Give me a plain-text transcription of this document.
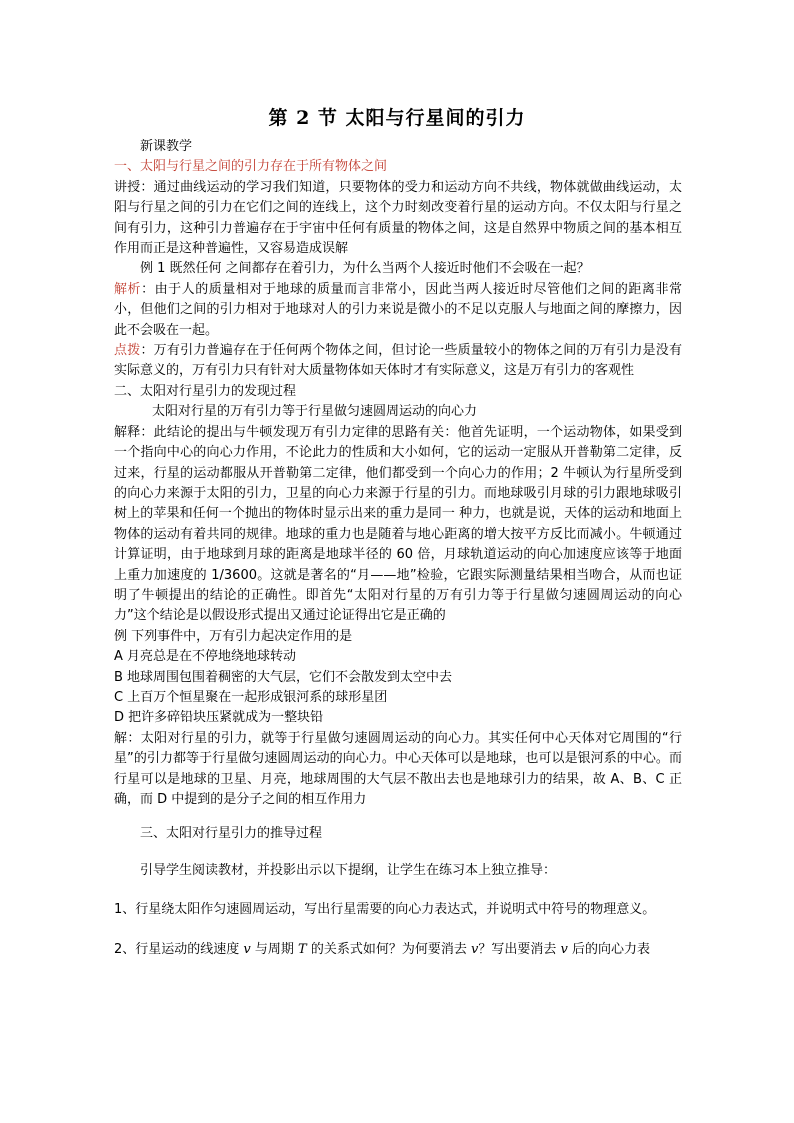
第 2 节 太阳与行星间的引力

新课教学

一、太阳与行星之间的引力存在于所有物体之间

讲授：通过曲线运动的学习我们知道，只要物体的受力和运动方向不共线，物体就做曲线运动，太阳与行星之间的引力在它们之间的连线上，这个力时刻改变着行星的运动方向。不仅太阳与行星之间有引力，这种引力普遍存在于宇宙中任何有质量的物体之间，这是自然界中物质之间的基本相互作用而正是这种普遍性，又容易造成误解

例 1 既然任何 之间都存在着引力，为什么当两个人接近时他们不会吸在一起？

解析：由于人的质量相对于地球的质量而言非常小，因此当两人接近时尽管他们之间的距离非常小，但他们之间的引力相对于地球对人的引力来说是微小的不足以克服人与地面之间的摩擦力，因此不会吸在一起。

点拨：万有引力普遍存在于任何两个物体之间，但讨论一些质量较小的物体之间的万有引力是没有实际意义的，万有引力只有针对大质量物体如天体时才有实际意义，这是万有引力的客观性

二、太阳对行星引力的发现过程

太阳对行星的万有引力等于行星做匀速圆周运动的向心力

解释：此结论的提出与牛顿发现万有引力定律的思路有关：他首先证明，一个运动物体，如果受到一个指向中心的向心力作用，不论此力的性质和大小如何，它的运动一定服从开普勒第二定律，反过来，行星的运动都服从开普勒第二定律，他们都受到一个向心力的作用；2 牛顿认为行星所受到的向心力来源于太阳的引力，卫星的向心力来源于行星的引力。而地球吸引月球的引力跟地球吸引树上的苹果和任何一个抛出的物体时显示出来的重力是同一 种力，也就是说，天体的运动和地面上物体的运动有着共同的规律。地球的重力也是随着与地心距离的增大按平方反比而减小。牛顿通过计算证明，由于地球到月球的距离是地球半径的 60 倍，月球轨道运动的向心加速度应该等于地面上重力加速度的 1/3600。这就是著名的“月——地”检验，它跟实际测量结果相当吻合，从而也证明了牛顿提出的结论的正确性。即首先“太阳对行星的万有引力等于行星做匀速圆周运动的向心力”这个结论是以假设形式提出又通过论证得出它是正确的

例 下列事件中，万有引力起决定作用的是

A 月亮总是在不停地绕地球转动

B 地球周围包围着稠密的大气层，它们不会散发到太空中去

C 上百万个恒星聚在一起形成银河系的球形星团

D 把许多碎铅块压紧就成为一整块铅

解：太阳对行星的引力，就等于行星做匀速圆周运动的向心力。其实任何中心天体对它周围的“行星”的引力都等于行星做匀速圆周运动的向心力。中心天体可以是地球，也可以是银河系的中心。而行星可以是地球的卫星、月亮，地球周围的大气层不散出去也是地球引力的结果，故 A、B、C 正确，而 D 中提到的是分子之间的相互作用力

三、太阳对行星引力的推导过程

引导学生阅读教材，并投影出示以下提纲，让学生在练习本上独立推导：

1、行星绕太阳作匀速圆周运动，写出行星需要的向心力表达式，并说明式中符号的物理意义。

2、行星运动的线速度 v 与周期 T 的关系式如何？为何要消去 v？写出要消去 v 后的向心力表
